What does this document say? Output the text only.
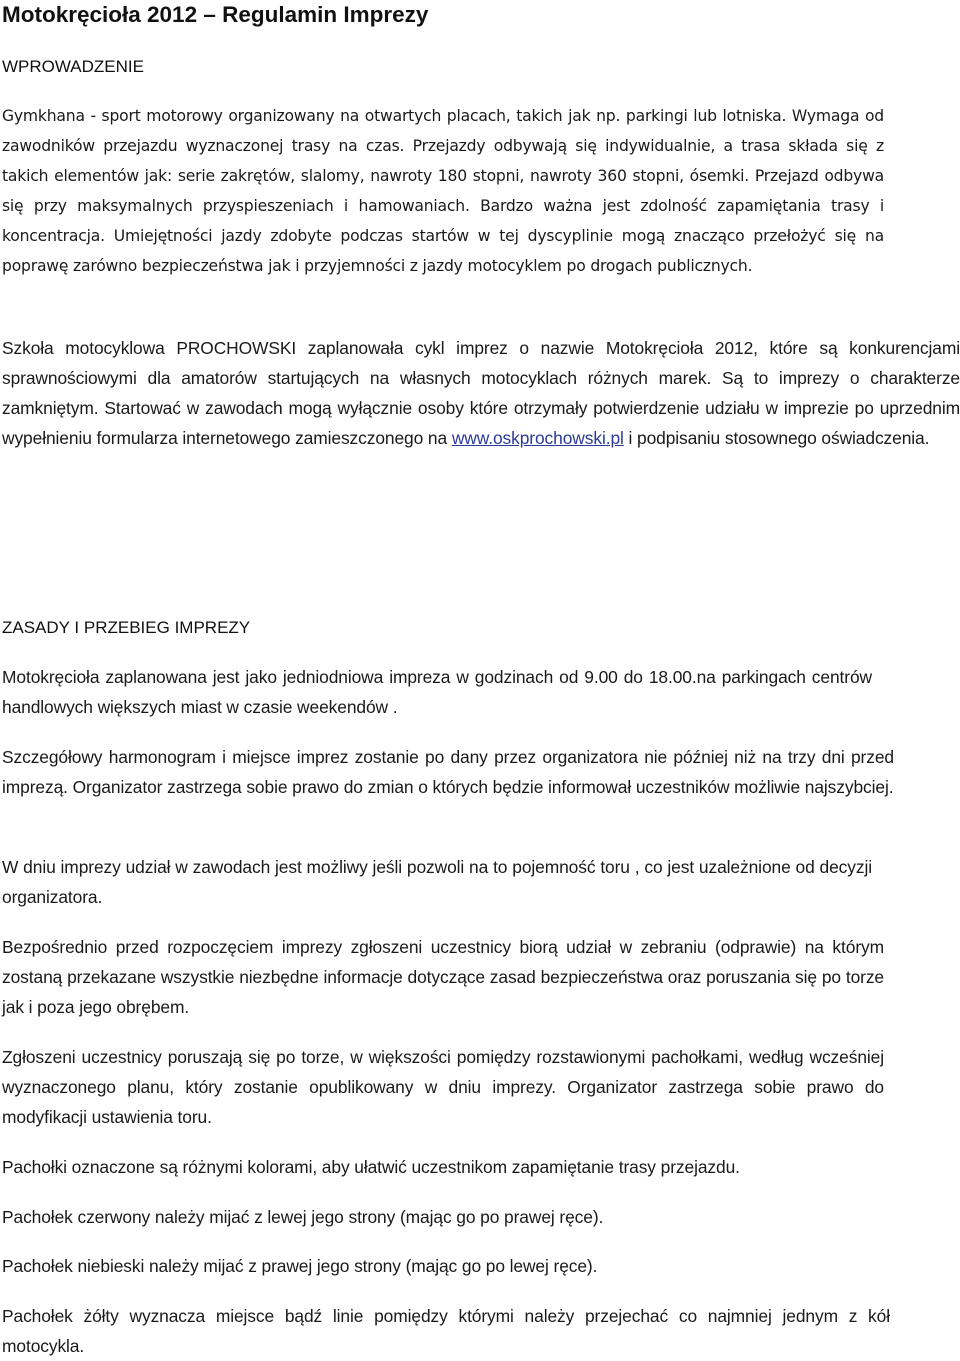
Motokręcioła 2012 – Regulamin Imprezy
WPROWADZENIE

Gymkhana - sport motorowy organizowany na otwartych placach, takich jak np. parkingi lub lotniska. Wymaga od zawodników przejazdu wyznaczonej trasy na czas. Przejazdy odbywają się indywidualnie, a trasa składa się z takich elementów jak: serie zakrętów, slalomy, nawroty 180 stopni, nawroty 360 stopni, ósemki. Przejazd odbywa się przy maksymalnych przyspieszeniach i hamowaniach. Bardzo ważna jest zdolność zapamiętania trasy i koncentracja. Umiejętności jazdy zdobyte podczas startów w tej dyscyplinie mogą znacząco przełożyć się na poprawę zarówno bezpieczeństwa jak i przyjemności z jazdy motocyklem po drogach publicznych.

Szkoła motocyklowa PROCHOWSKI zaplanowała cykl imprez o nazwie Motokręcioła 2012, które są konkurencjami sprawnościowymi dla amatorów startujących na własnych motocyklach różnych marek. Są to imprezy o charakterze zamkniętym. Startować w zawodach mogą wyłącznie osoby które otrzymały potwierdzenie udziału w imprezie po uprzednim wypełnieniu formularza internetowego zamieszczonego na www.oskprochowski.pl i podpisaniu stosownego oświadczenia.

ZASADY I PRZEBIEG IMPREZY

Motokręcioła zaplanowana jest jako jedniodniowa impreza w godzinach od 9.00 do 18.00.na parkingach centrów handlowych większych miast w czasie weekendów .

Szczegółowy harmonogram i miejsce imprez zostanie po dany przez organizatora nie później niż na trzy dni przed imprezą. Organizator zastrzega sobie prawo do zmian o których będzie informował uczestników możliwie najszybciej.

W dniu imprezy udział w zawodach jest możliwy jeśli pozwoli na to pojemność toru , co jest uzależnione od decyzji organizatora.

Bezpośrednio przed rozpoczęciem imprezy zgłoszeni uczestnicy biorą udział w zebraniu (odprawie) na którym zostaną przekazane wszystkie niezbędne informacje dotyczące zasad bezpieczeństwa oraz poruszania się po torze jak i poza jego obrębem.

Zgłoszeni uczestnicy poruszają się po torze, w większości pomiędzy rozstawionymi pachołkami, według wcześniej wyznaczonego planu, który zostanie opublikowany w dniu imprezy. Organizator zastrzega sobie prawo do modyfikacji ustawienia toru.

Pachołki oznaczone są różnymi kolorami, aby ułatwić uczestnikom zapamiętanie trasy przejazdu.

Pachołek czerwony należy mijać z lewej jego strony (mając go po prawej ręce).

Pachołek niebieski należy mijać z prawej jego strony (mając go po lewej ręce).

Pachołek żółty wyznacza miejsce bądź linie pomiędzy którymi należy przejechać co najmniej jednym z kół motocykla.
